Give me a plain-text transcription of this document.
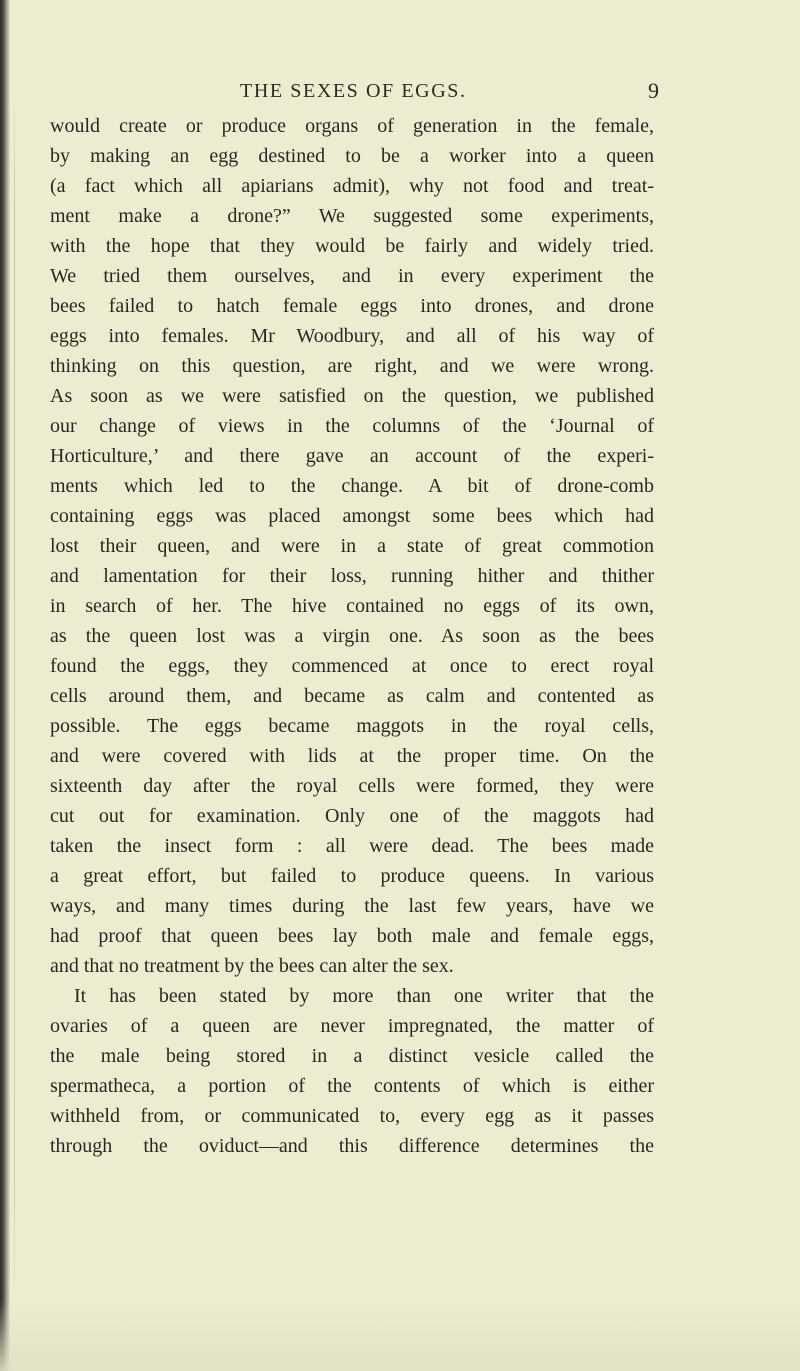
THE SEXES OF EGGS.	9
would create or produce organs of generation in the female,
by making an egg destined to be a worker into a queen
(a fact which all apiarians admit), why not food and treat-
ment make a drone?” We suggested some experiments,
with the hope that they would be fairly and widely tried.
We tried them ourselves, and in every experiment the
bees failed to hatch female eggs into drones, and drone
eggs into females. Mr Woodbury, and all of his way of
thinking on this question, are right, and we were wrong.
As soon as we were satisfied on the question, we published
our change of views in the columns of the ‘Journal of
Horticulture,’ and there gave an account of the experi-
ments which led to the change. A bit of drone-comb
containing eggs was placed amongst some bees which had
lost their queen, and were in a state of great commotion
and lamentation for their loss, running hither and thither
in search of her. The hive contained no eggs of its own,
as the queen lost was a virgin one. As soon as the bees
found the eggs, they commenced at once to erect royal
cells around them, and became as calm and contented as
possible. The eggs became maggots in the royal cells,
and were covered with lids at the proper time. On the
sixteenth day after the royal cells were formed, they were
cut out for examination. Only one of the maggots had
taken the insect form : all were dead. The bees made
a great effort, but failed to produce queens. In various
ways, and many times during the last few years, have we
had proof that queen bees lay both male and female eggs,
and that no treatment by the bees can alter the sex.
It has been stated by more than one writer that the
ovaries of a queen are never impregnated, the matter of
the male being stored in a distinct vesicle called the
spermatheca, a portion of the contents of which is either
withheld from, or communicated to, every egg as it passes
through the oviduct—and this difference determines the
